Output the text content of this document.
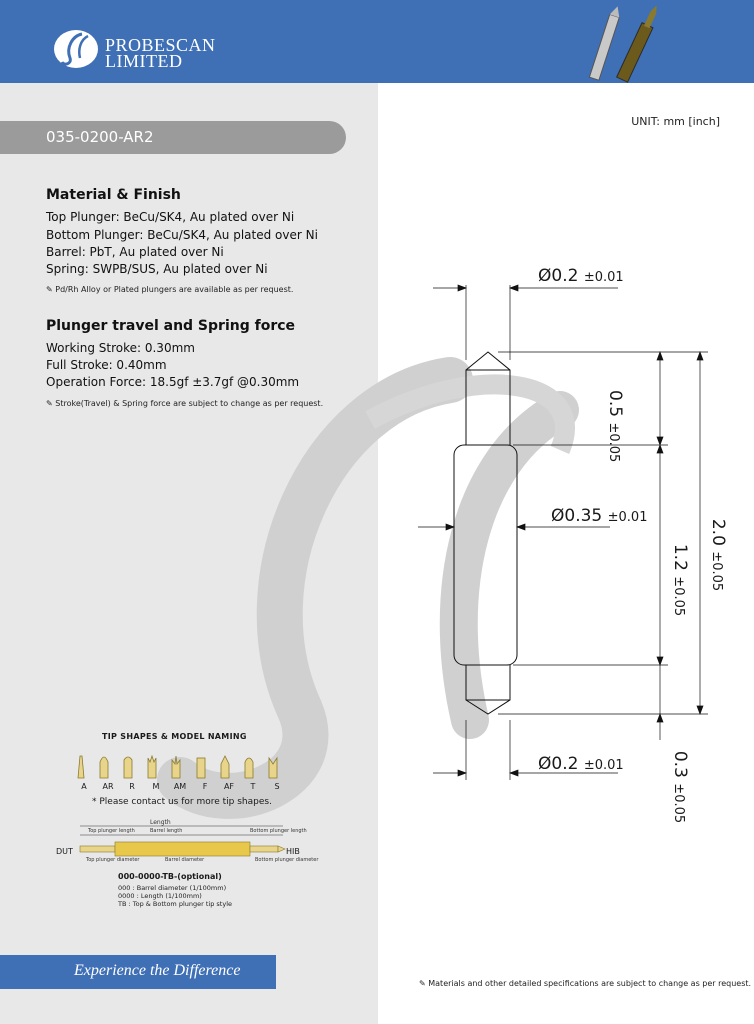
PROBESCAN
LIMITED
035-0200-AR2
UNIT: mm [inch]
Material & Finish
Top Plunger: BeCu/SK4, Au plated over Ni
Bottom Plunger: BeCu/SK4, Au plated over Ni
Barrel: PbT, Au plated over Ni
Spring: SWPB/SUS, Au plated over Ni
✎ Pd/Rh Alloy or Plated plungers are available as per request.
Plunger travel and Spring force
Working Stroke: 0.30mm
Full Stroke: 0.40mm
Operation Force: 18.5gf ±3.7gf @0.30mm
✎ Stroke(Travel) & Spring force are subject to change as per request.
TIP SHAPES & MODEL NAMING
A	AR	R	M	AM	F	AF	T	S
* Please contact us for more tip shapes.
Length
Top plunger length	Barrel length	Bottom plunger length
Top plunger diameter	Barrel diameter	Bottom plunger diameter
DUT	HIB
000-0000-TB-(optional)
000 : Barrel diameter (1/100mm)
0000 : Length (1/100mm)
TB : Top & Bottom plunger tip style
Experience the Difference
✎ Materials and other detailed specifications are subject to change as per request.
Ø0.2 ±0.01
Ø0.35 ±0.01
Ø0.2 ±0.01
0.5 ±0.05
1.2 ±0.05
2.0 ±0.05
0.3 ±0.05
